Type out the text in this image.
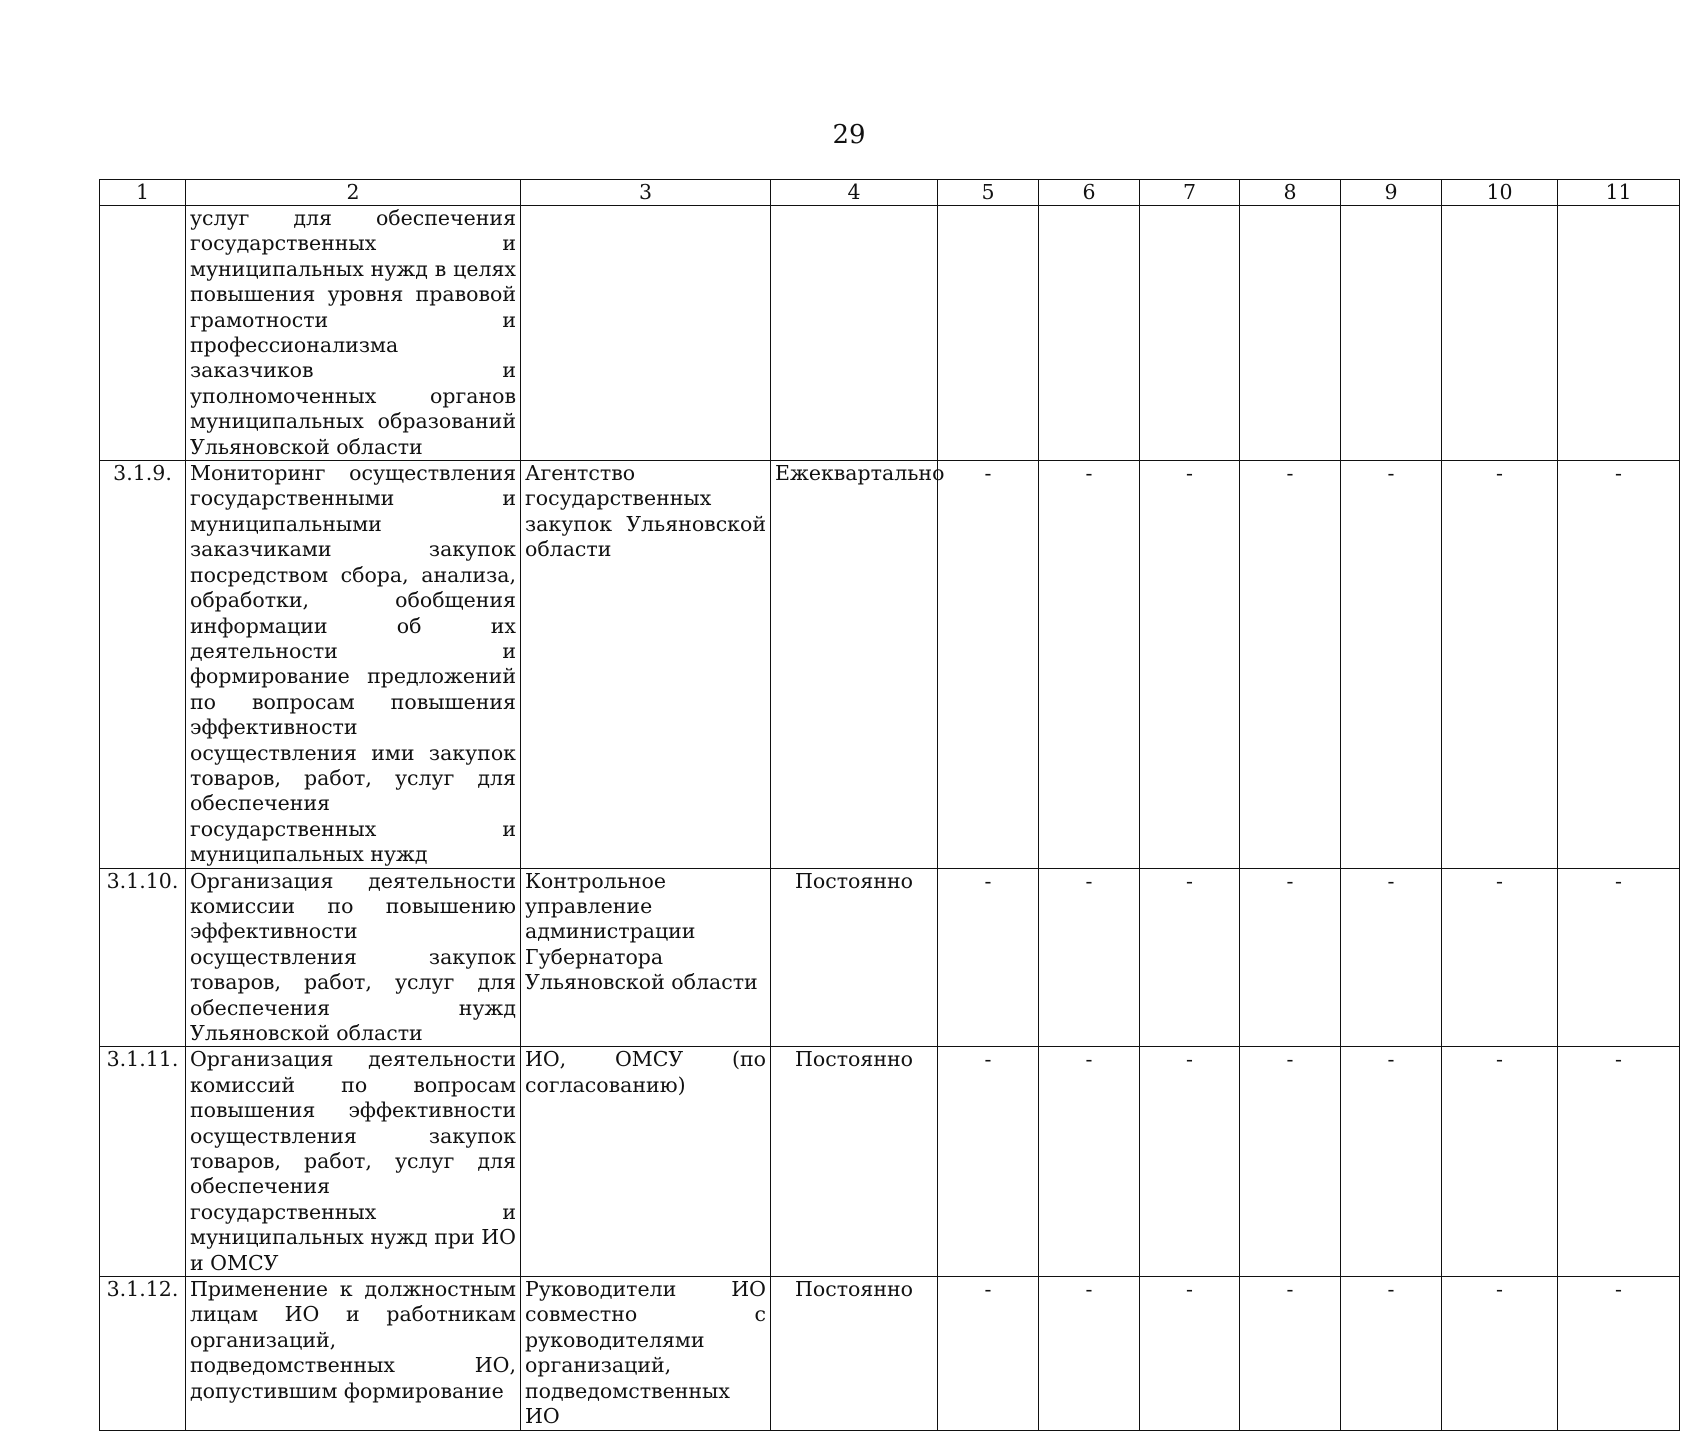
29
1	2	3	4	5	6	7	8	9	10	11
	услуг для обеспечения государственных и муниципальных нужд в целях повышения уровня правовой грамотности и профессионализма заказчиков и уполномоченных органов муниципальных образований Ульяновской области									
3.1.9.	Мониторинг осуществления государственными и муниципальными заказчиками закупок посредством сбора, анализа, обработки, обобщения информации об их деятельности и формирование предложений по вопросам повышения эффективности осуществления ими закупок товаров, работ, услуг для обеспечения государственных и муниципальных нужд	Агентство государственных закупок Ульяновской области	Ежеквартально	-	-	-	-	-	-	-
3.1.10.	Организация деятельности комиссии по повышению эффективности осуществления закупок товаров, работ, услуг для обеспечения нужд Ульяновской области	Контрольное управление администрации Губернатора Ульяновской области	Постоянно	-	-	-	-	-	-	-
3.1.11.	Организация деятельности комиссий по вопросам повышения эффективности осуществления закупок товаров, работ, услуг для обеспечения государственных и муниципальных нужд при ИО и ОМСУ	ИО, ОМСУ (по согласованию)	Постоянно	-	-	-	-	-	-	-
3.1.12.	Применение к должностным лицам ИО и работникам организаций, подведомственных ИО, допустившим формирование	Руководители ИО совместно с руководителями организаций, подведомственных ИО	Постоянно	-	-	-	-	-	-	-
